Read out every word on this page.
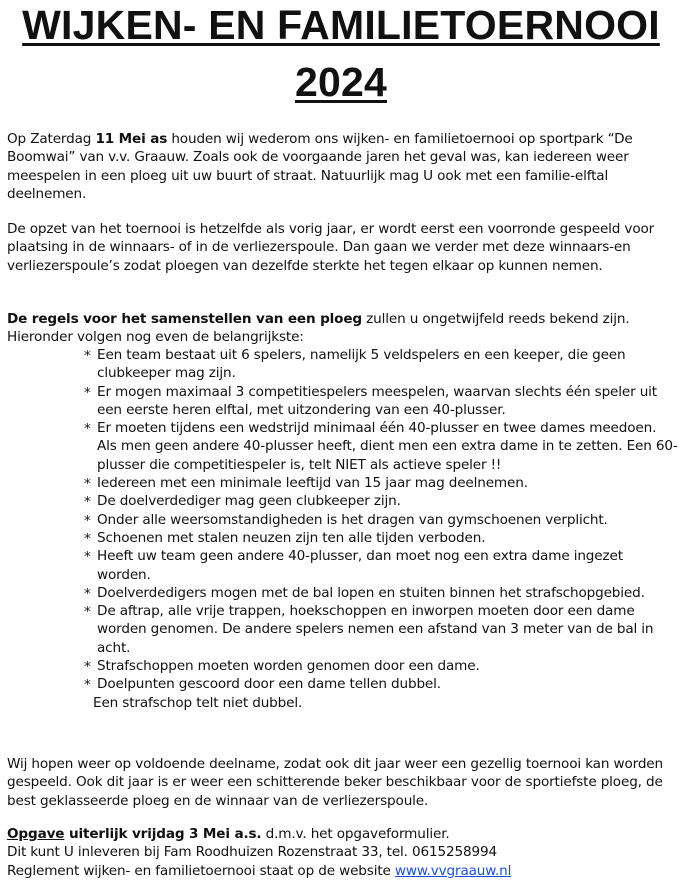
WIJKEN- EN FAMILIETOERNOOI
2024

Op Zaterdag 11 Mei as houden wij wederom ons wijken- en familietoernooi op sportpark “De Boomwai” van v.v. Graauw. Zoals ook de voorgaande jaren het geval was, kan iedereen weer meespelen in een ploeg uit uw buurt of straat. Natuurlijk mag U ook met een familie-elftal deelnemen.

De opzet van het toernooi is hetzelfde als vorig jaar, er wordt eerst een voorronde gespeeld voor plaatsing in de winnaars- of in de verliezerspoule. Dan gaan we verder met deze winnaars-en verliezerspoule’s zodat ploegen van dezelfde sterkte het tegen elkaar op kunnen nemen.

De regels voor het samenstellen van een ploeg zullen u ongetwijfeld reeds bekend zijn. Hieronder volgen nog even de belangrijkste:

* Een team bestaat uit 6 spelers, namelijk 5 veldspelers en een keeper, die geen clubkeeper mag zijn.
* Er mogen maximaal 3 competitiespelers meespelen, waarvan slechts één speler uit een eerste heren elftal, met uitzondering van een 40-plusser.
* Er moeten tijdens een wedstrijd minimaal één 40-plusser en twee dames meedoen. Als men geen andere 40-plusser heeft, dient men een extra dame in te zetten. Een 60-plusser die competitiespeler is, telt NIET als actieve speler !!
* Iedereen met een minimale leeftijd van 15 jaar mag deelnemen.
* De doelverdediger mag geen clubkeeper zijn.
* Onder alle weersomstandigheden is het dragen van gymschoenen verplicht.
* Schoenen met stalen neuzen zijn ten alle tijden verboden.
* Heeft uw team geen andere 40-plusser, dan moet nog een extra dame ingezet worden.
* Doelverdedigers mogen met de bal lopen en stuiten binnen het strafschopgebied.
* De aftrap, alle vrije trappen, hoekschoppen en inworpen moeten door een dame worden genomen. De andere spelers nemen een afstand van 3 meter van de bal in acht.
* Strafschoppen moeten worden genomen door een dame.
* Doelpunten gescoord door een dame tellen dubbel.
Een strafschop telt niet dubbel.

Wij hopen weer op voldoende deelname, zodat ook dit jaar weer een gezellig toernooi kan worden gespeeld. Ook dit jaar is er weer een schitterende beker beschikbaar voor de sportiefste ploeg, de best geklasseerde ploeg en de winnaar van de verliezerspoule.

Opgave uiterlijk vrijdag 3 Mei a.s. d.m.v. het opgaveformulier.
Dit kunt U inleveren bij Fam Roodhuizen Rozenstraat 33, tel. 0615258994
Reglement wijken- en familietoernooi staat op de website www.vvgraauw.nl
